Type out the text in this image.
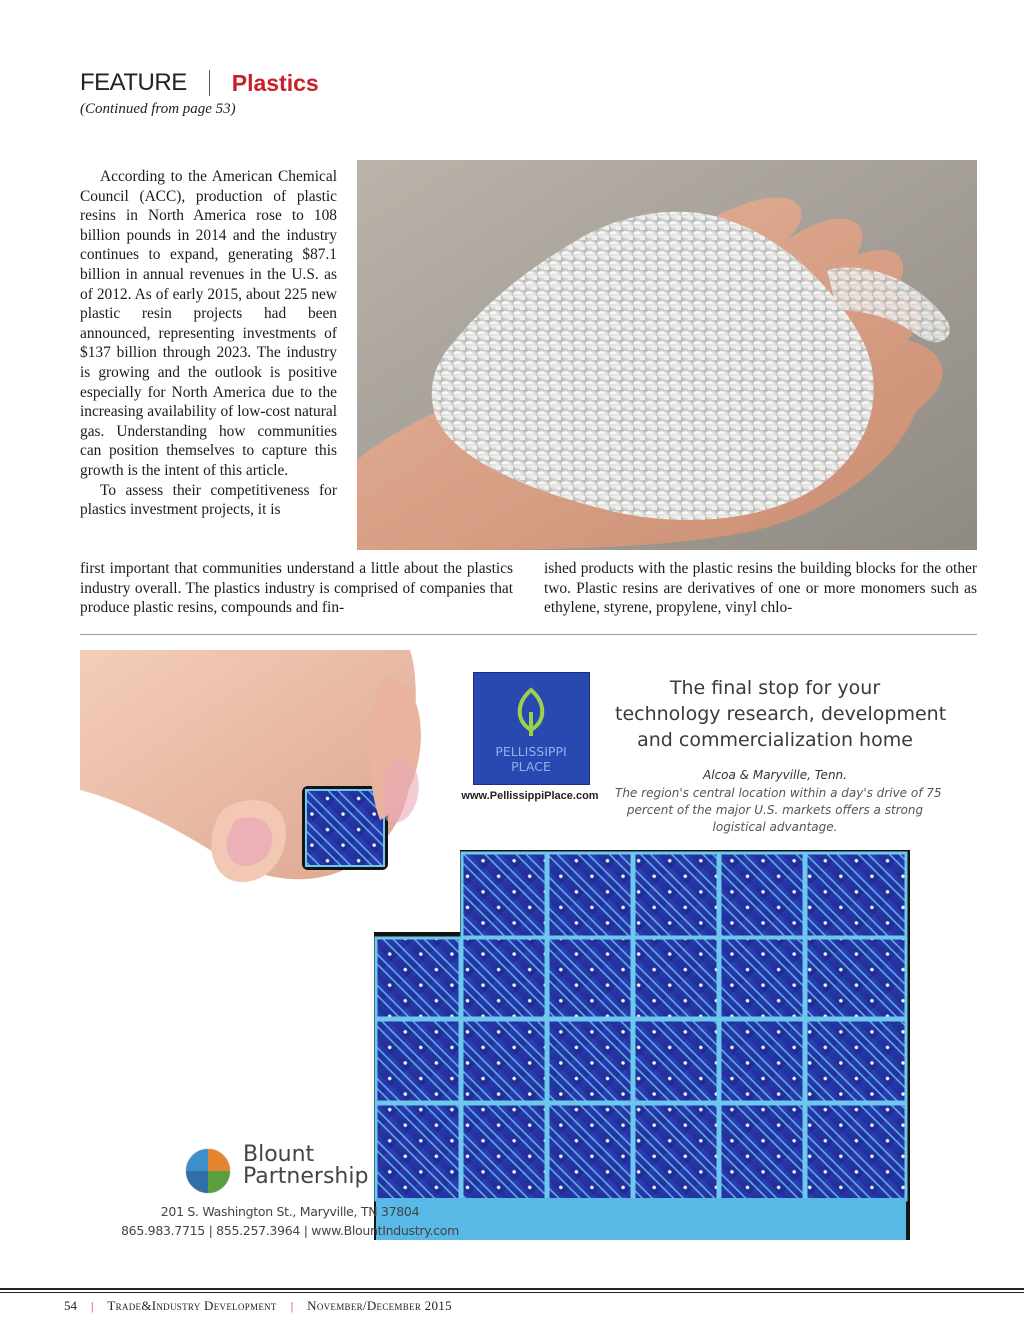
FEATURE Plastics
(Continued from page 53)

According to the American Chemical Council (ACC), production of plastic resins in North America rose to 108 billion pounds in 2014 and the industry continues to expand, generating $87.1 billion in annual revenues in the U.S. as of 2012. As of early 2015, about 225 new plastic resin projects had been announced, representing investments of $137 billion through 2023. The industry is growing and the outlook is positive especially for North America due to the increasing availability of low-cost natural gas. Understanding how communities can position themselves to capture this growth is the intent of this article.

To assess their competitiveness for plastics investment projects, it is

first important that communities understand a little about the plastics industry overall. The plastics industry is comprised of companies that produce plastic resins, compounds and fin-

ished products with the plastic resins the building blocks for the other two. Plastic resins are derivatives of one or more monomers such as ethylene, styrene, propylene, vinyl chlo-

PELLISSIPPI
PLACE
www.PellissippiPlace.com
The final stop for your
technology research, development
and commercialization home
Alcoa & Maryville, Tenn.
The region's central location within a day's drive of 75
percent of the major U.S. markets offers a strong
logistical advantage.
Blount
Partnership
201 S. Washington St., Maryville, TN 37804
865.983.7715 | 855.257.3964 | www.BlountIndustry.com
54 | Trade&Industry Development | November/December 2015
